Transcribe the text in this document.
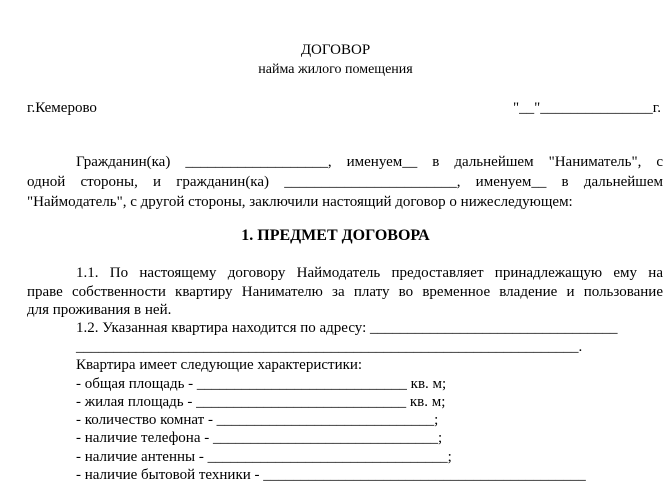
ДОГОВОР
найма жилого помещения
г.Кемерово	"__"_______________г.
Гражданин(ка) ___________________, именуем__ в дальнейшем "Наниматель", с
одной стороны, и гражданин(ка) _______________________, именуем__ в дальнейшем
"Наймодатель", с другой стороны, заключили настоящий договор о нижеследующем:
1. ПРЕДМЕТ ДОГОВОРА
1.1. По настоящему договору Наймодатель предоставляет принадлежащую ему на
праве собственности квартиру Нанимателю за плату во временное владение и пользование
для проживания в ней.
1.2. Указанная квартира находится по адресу: _________________________________
___________________________________________________________________.
Квартира имеет следующие характеристики:
- общая площадь - ____________________________ кв. м;
- жилая площадь - ____________________________ кв. м;
- количество комнат - _____________________________;
- наличие телефона - ______________________________;
- наличие антенны - ________________________________;
- наличие бытовой техники - ___________________________________________
